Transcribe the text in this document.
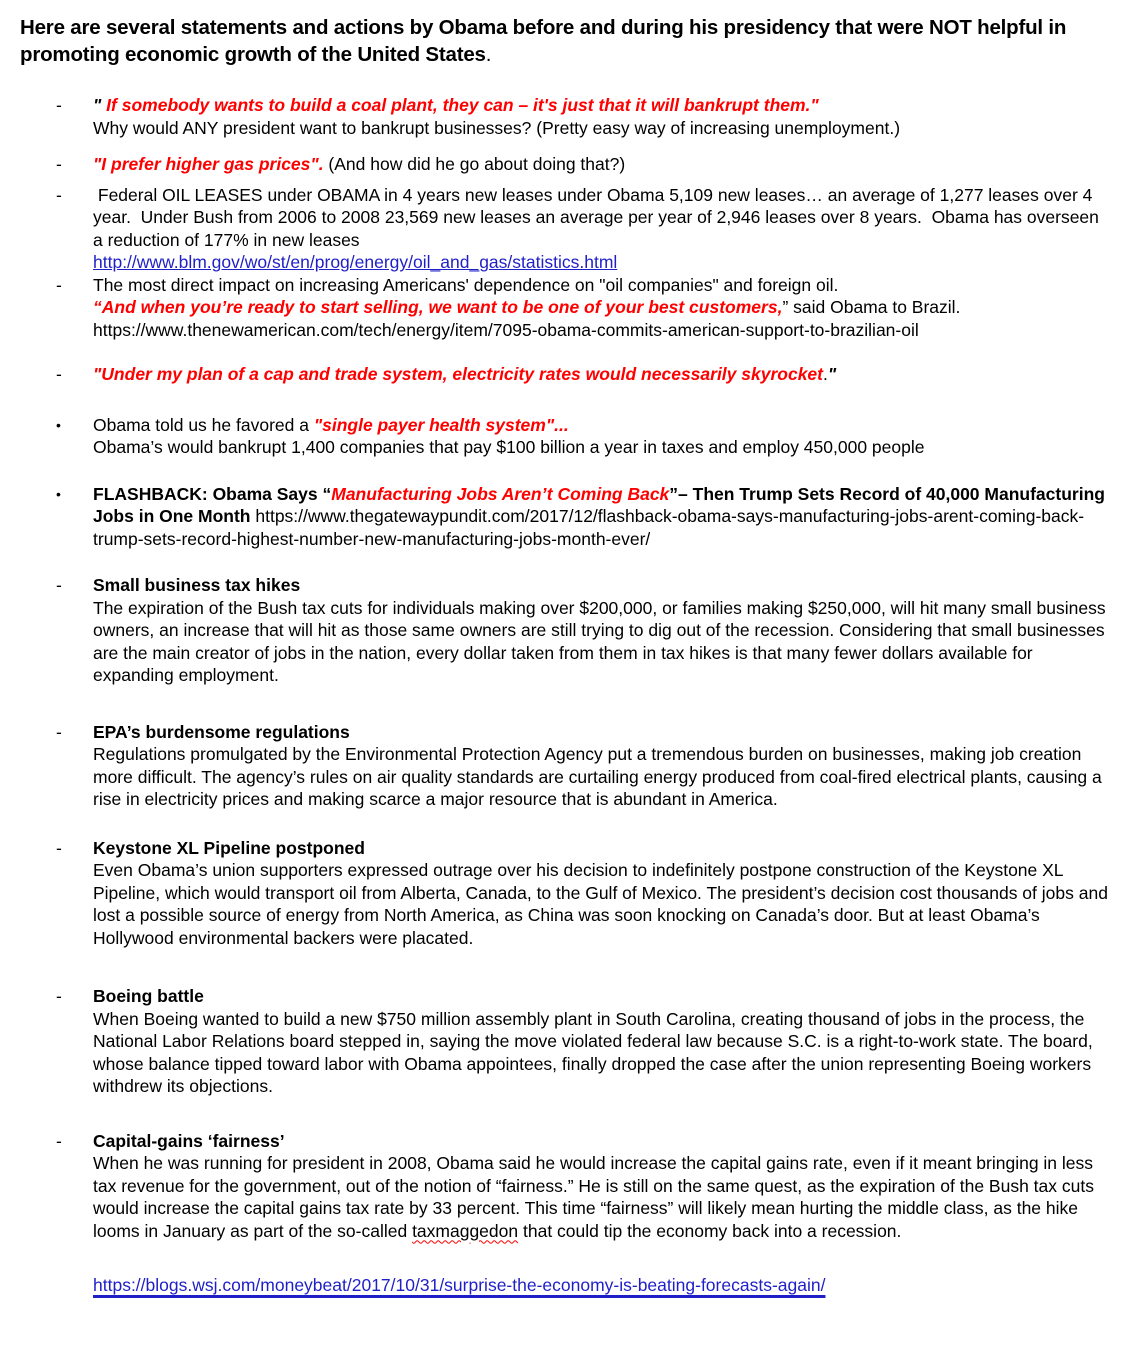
Here are several statements and actions by Obama before and during his presidency that were NOT helpful in promoting economic growth of the United States.
-	" If somebody wants to build a coal plant, they can – it's just that it will bankrupt them."
Why would ANY president want to bankrupt businesses? (Pretty easy way of increasing unemployment.)
-	"I prefer higher gas prices". (And how did he go about doing that?)
-	Federal OIL LEASES under OBAMA in 4 years new leases under Obama 5,109 new leases… an average of 1,277 leases over 4 year.  Under Bush from 2006 to 2008 23,569 new leases an average per year of 2,946 leases over 8 years.  Obama has overseen a reduction of 177% in new leases
http://www.blm.gov/wo/st/en/prog/energy/oil_and_gas/statistics.html
-	The most direct impact on increasing Americans' dependence on "oil companies" and foreign oil.
“And when you’re ready to start selling, we want to be one of your best customers,” said Obama to Brazil.
https://www.thenewamerican.com/tech/energy/item/7095-obama-commits-american-support-to-brazilian-oil
-	"Under my plan of a cap and trade system, electricity rates would necessarily skyrocket."
•	Obama told us he favored a "single payer health system"...
Obama’s would bankrupt 1,400 companies that pay $100 billion a year in taxes and employ 450,000 people
•	FLASHBACK: Obama Says “Manufacturing Jobs Aren’t Coming Back”– Then Trump Sets Record of 40,000 Manufacturing Jobs in One Month https://www.thegatewaypundit.com/2017/12/flashback-obama-says-manufacturing-jobs-arent-coming-back-trump-sets-record-highest-number-new-manufacturing-jobs-month-ever/
-	Small business tax hikes
The expiration of the Bush tax cuts for individuals making over $200,000, or families making $250,000, will hit many small business owners, an increase that will hit as those same owners are still trying to dig out of the recession. Considering that small businesses are the main creator of jobs in the nation, every dollar taken from them in tax hikes is that many fewer dollars available for expanding employment.
-	EPA’s burdensome regulations
Regulations promulgated by the Environmental Protection Agency put a tremendous burden on businesses, making job creation more difficult. The agency’s rules on air quality standards are curtailing energy produced from coal-fired electrical plants, causing a rise in electricity prices and making scarce a major resource that is abundant in America.
-	Keystone XL Pipeline postponed
Even Obama’s union supporters expressed outrage over his decision to indefinitely postpone construction of the Keystone XL Pipeline, which would transport oil from Alberta, Canada, to the Gulf of Mexico. The president’s decision cost thousands of jobs and lost a possible source of energy from North America, as China was soon knocking on Canada’s door. But at least Obama’s Hollywood environmental backers were placated.
-	Boeing battle
When Boeing wanted to build a new $750 million assembly plant in South Carolina, creating thousand of jobs in the process, the National Labor Relations board stepped in, saying the move violated federal law because S.C. is a right-to-work state. The board, whose balance tipped toward labor with Obama appointees, finally dropped the case after the union representing Boeing workers withdrew its objections.
-	Capital-gains ‘fairness’
When he was running for president in 2008, Obama said he would increase the capital gains rate, even if it meant bringing in less tax revenue for the government, out of the notion of “fairness.” He is still on the same quest, as the expiration of the Bush tax cuts would increase the capital gains tax rate by 33 percent. This time “fairness” will likely mean hurting the middle class, as the hike looms in January as part of the so-called taxmaggedon that could tip the economy back into a recession.
https://blogs.wsj.com/moneybeat/2017/10/31/surprise-the-economy-is-beating-forecasts-again/
